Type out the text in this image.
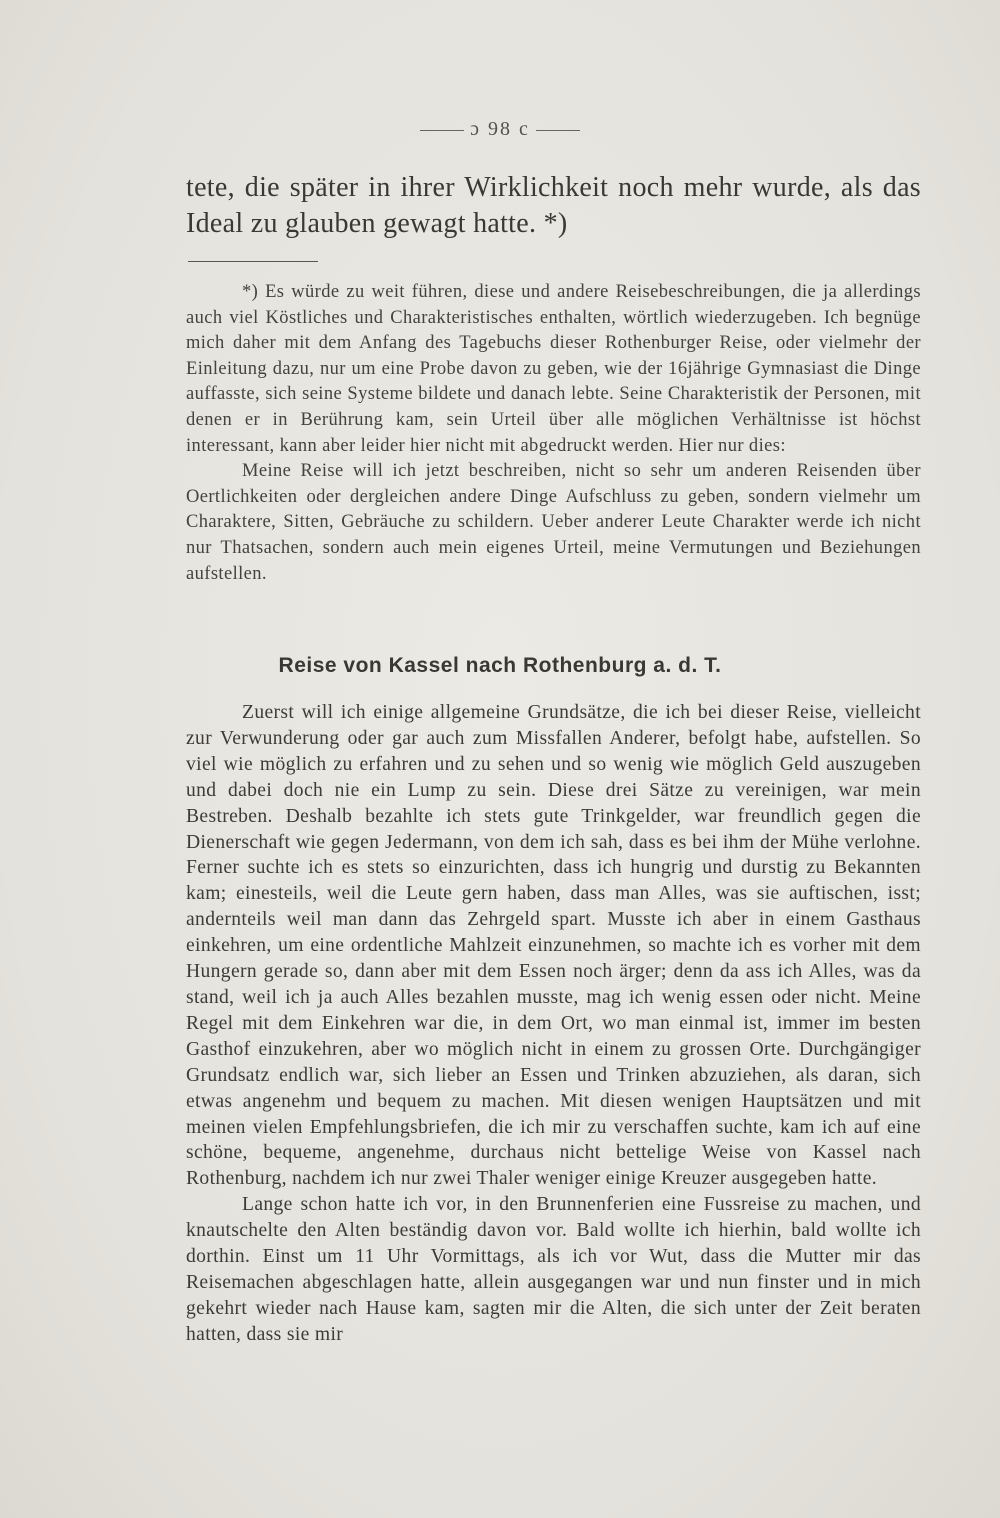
ɔ 98 c
tete, die später in ihrer Wirklichkeit noch mehr wurde, als das Ideal zu glauben gewagt hatte. *)

*) Es würde zu weit führen, diese und andere Reisebeschreibungen, die ja allerdings auch viel Köstliches und Charakteristisches enthalten, wörtlich wiederzugeben. Ich begnüge mich daher mit dem Anfang des Tagebuchs dieser Rothenburger Reise, oder vielmehr der Einleitung dazu, nur um eine Probe davon zu geben, wie der 16jährige Gymnasiast die Dinge auffasste, sich seine Systeme bildete und danach lebte. Seine Charakteristik der Personen, mit denen er in Berührung kam, sein Urteil über alle möglichen Verhältnisse ist höchst interessant, kann aber leider hier nicht mit abgedruckt werden. Hier nur dies:

Meine Reise will ich jetzt beschreiben, nicht so sehr um anderen Reisenden über Oertlichkeiten oder dergleichen andere Dinge Aufschluss zu geben, sondern vielmehr um Charaktere, Sitten, Gebräuche zu schildern. Ueber anderer Leute Charakter werde ich nicht nur Thatsachen, sondern auch mein eigenes Urteil, meine Vermutungen und Beziehungen aufstellen.

Reise von Kassel nach Rothenburg a. d. T.

Zuerst will ich einige allgemeine Grundsätze, die ich bei dieser Reise, vielleicht zur Verwunderung oder gar auch zum Missfallen Anderer, befolgt habe, aufstellen. So viel wie möglich zu erfahren und zu sehen und so wenig wie möglich Geld auszugeben und dabei doch nie ein Lump zu sein. Diese drei Sätze zu vereinigen, war mein Bestreben. Deshalb bezahlte ich stets gute Trinkgelder, war freundlich gegen die Dienerschaft wie gegen Jedermann, von dem ich sah, dass es bei ihm der Mühe verlohne. Ferner suchte ich es stets so einzurichten, dass ich hungrig und durstig zu Bekannten kam; einesteils, weil die Leute gern haben, dass man Alles, was sie auftischen, isst; andernteils weil man dann das Zehrgeld spart. Musste ich aber in einem Gasthaus einkehren, um eine ordentliche Mahlzeit einzunehmen, so machte ich es vorher mit dem Hungern gerade so, dann aber mit dem Essen noch ärger; denn da ass ich Alles, was da stand, weil ich ja auch Alles bezahlen musste, mag ich wenig essen oder nicht. Meine Regel mit dem Einkehren war die, in dem Ort, wo man einmal ist, immer im besten Gasthof einzukehren, aber wo möglich nicht in einem zu grossen Orte. Durchgängiger Grundsatz endlich war, sich lieber an Essen und Trinken abzuziehen, als daran, sich etwas angenehm und bequem zu machen. Mit diesen wenigen Hauptsätzen und mit meinen vielen Empfehlungsbriefen, die ich mir zu verschaffen suchte, kam ich auf eine schöne, bequeme, angenehme, durchaus nicht bettelige Weise von Kassel nach Rothenburg, nachdem ich nur zwei Thaler weniger einige Kreuzer ausgegeben hatte.

Lange schon hatte ich vor, in den Brunnenferien eine Fussreise zu machen, und knautschelte den Alten beständig davon vor. Bald wollte ich hierhin, bald wollte ich dorthin. Einst um 11 Uhr Vormittags, als ich vor Wut, dass die Mutter mir das Reisemachen abgeschlagen hatte, allein ausgegangen war und nun finster und in mich gekehrt wieder nach Hause kam, sagten mir die Alten, die sich unter der Zeit beraten hatten, dass sie mir
